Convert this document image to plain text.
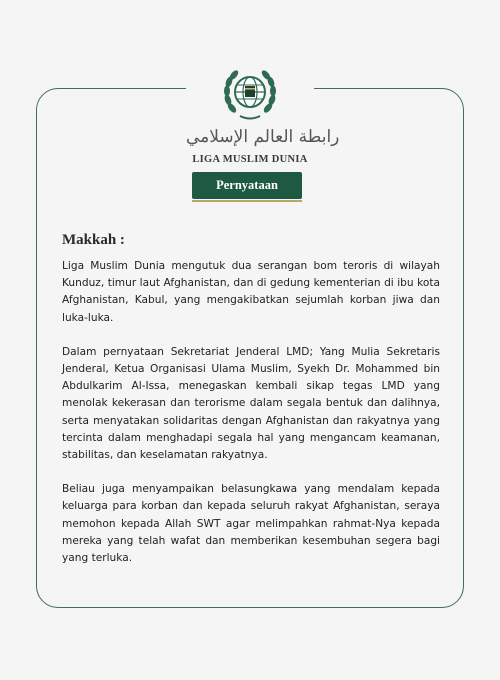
رابطة العالم الإسلامي
LIGA MUSLIM DUNIA
Pernyataan
Makkah :

Liga Muslim Dunia mengutuk dua serangan bom teroris di wilayah Kunduz, timur laut Afghanistan, dan di gedung kementerian di ibu kota Afghanistan, Kabul, yang mengakibatkan sejumlah korban jiwa dan luka-luka.

Dalam pernyataan Sekretariat Jenderal LMD; Yang Mulia Sekretaris Jenderal, Ketua Organisasi Ulama Muslim, Syekh Dr. Mohammed bin Abdulkarim Al-Issa, menegaskan kembali sikap tegas LMD yang menolak kekerasan dan terorisme dalam segala bentuk dan dalihnya, serta menyatakan solidaritas dengan Afghanistan dan rakyatnya yang tercinta dalam menghadapi segala hal yang mengancam keamanan, stabilitas, dan keselamatan rakyatnya.

Beliau juga menyampaikan belasungkawa yang mendalam kepada keluarga para korban dan kepada seluruh rakyat Afghanistan, seraya memohon kepada Allah SWT agar melimpahkan rahmat-Nya kepada mereka yang telah wafat dan memberikan kesembuhan segera bagi yang terluka.
